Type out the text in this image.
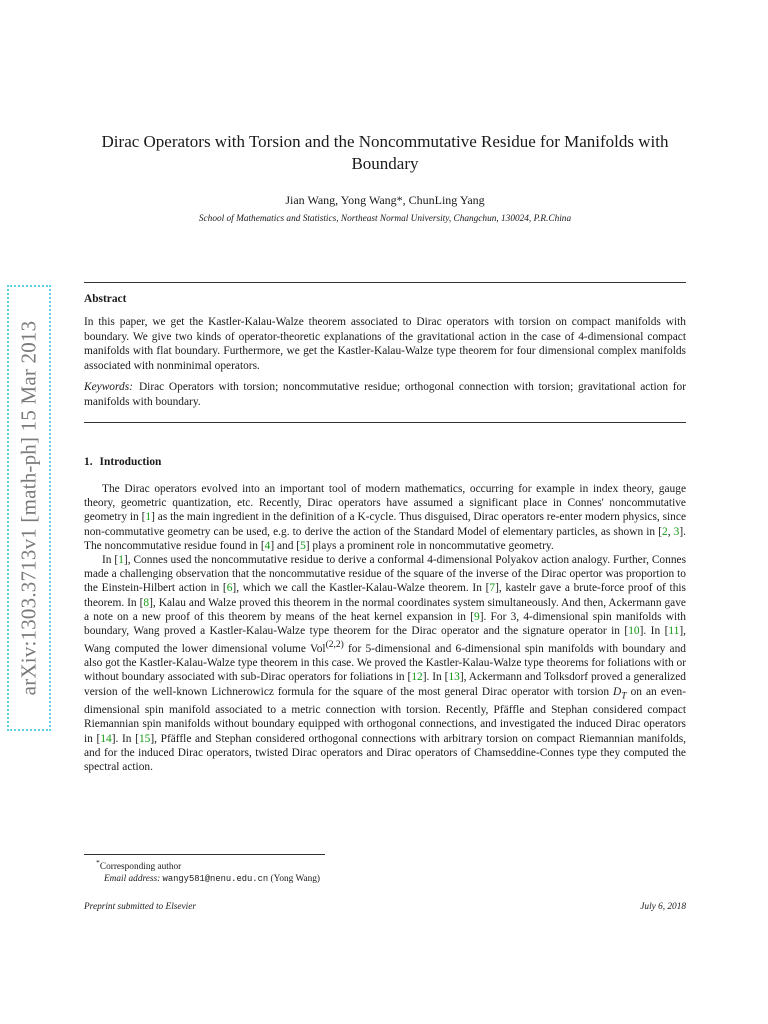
arXiv:1303.3713v1 [math-ph] 15 Mar 2013
Dirac Operators with Torsion and the Noncommutative Residue for Manifolds with Boundary
Jian Wang, Yong Wang*, ChunLing Yang
School of Mathematics and Statistics, Northeast Normal University, Changchun, 130024, P.R.China
Abstract
In this paper, we get the Kastler-Kalau-Walze theorem associated to Dirac operators with torsion on compact manifolds with boundary. We give two kinds of operator-theoretic explanations of the gravitational action in the case of 4-dimensional compact manifolds with flat boundary. Furthermore, we get the Kastler-Kalau-Walze type theorem for four dimensional complex manifolds associated with nonminimal operators.
Keywords: Dirac Operators with torsion; noncommutative residue; orthogonal connection with torsion; gravitational action for manifolds with boundary.
1. Introduction

The Dirac operators evolved into an important tool of modern mathematics, occurring for example in index theory, gauge theory, geometric quantization, etc. Recently, Dirac operators have assumed a significant place in Connes' noncommutative geometry in [1] as the main ingredient in the definition of a K-cycle. Thus disguised, Dirac operators re-enter modern physics, since non-commutative geometry can be used, e.g. to derive the action of the Standard Model of elementary particles, as shown in [2, 3]. The noncommutative residue found in [4] and [5] plays a prominent role in noncommutative geometry.

In [1], Connes used the noncommutative residue to derive a conformal 4-dimensional Polyakov action analogy. Further, Connes made a challenging observation that the noncommutative residue of the square of the inverse of the Dirac opertor was proportion to the Einstein-Hilbert action in [6], which we call the Kastler-Kalau-Walze theorem. In [7], kastelr gave a brute-force proof of this theorem. In [8], Kalau and Walze proved this theorem in the normal coordinates system simultaneously. And then, Ackermann gave a note on a new proof of this theorem by means of the heat kernel expansion in [9]. For 3, 4-dimensional spin manifolds with boundary, Wang proved a Kastler-Kalau-Walze type theorem for the Dirac operator and the signature operator in [10]. In [11], Wang computed the lower dimensional volume Vol$^{(2,2)}$ for 5-dimensional and 6-dimensional spin manifolds with boundary and also got the Kastler-Kalau-Walze type theorem in this case. We proved the Kastler-Kalau-Walze type theorems for foliations with or without boundary associated with sub-Dirac operators for foliations in [12]. In [13], Ackermann and Tolksdorf proved a generalized version of the well-known Lichnerowicz formula for the square of the most general Dirac operator with torsion $D_T$ on an even-dimensional spin manifold associated to a metric connection with torsion. Recently, Pfäffle and Stephan considered compact Riemannian spin manifolds without boundary equipped with orthogonal connections, and investigated the induced Dirac operators in [14]. In [15], Pfäffle and Stephan considered orthogonal connections with arbitrary torsion on compact Riemannian manifolds, and for the induced Dirac operators, twisted Dirac operators and Dirac operators of Chamseddine-Connes type they computed the spectral action.

*Corresponding author
Email address: wangy581@nenu.edu.cn (Yong Wang)
Preprint submitted to Elsevier	July 6, 2018
